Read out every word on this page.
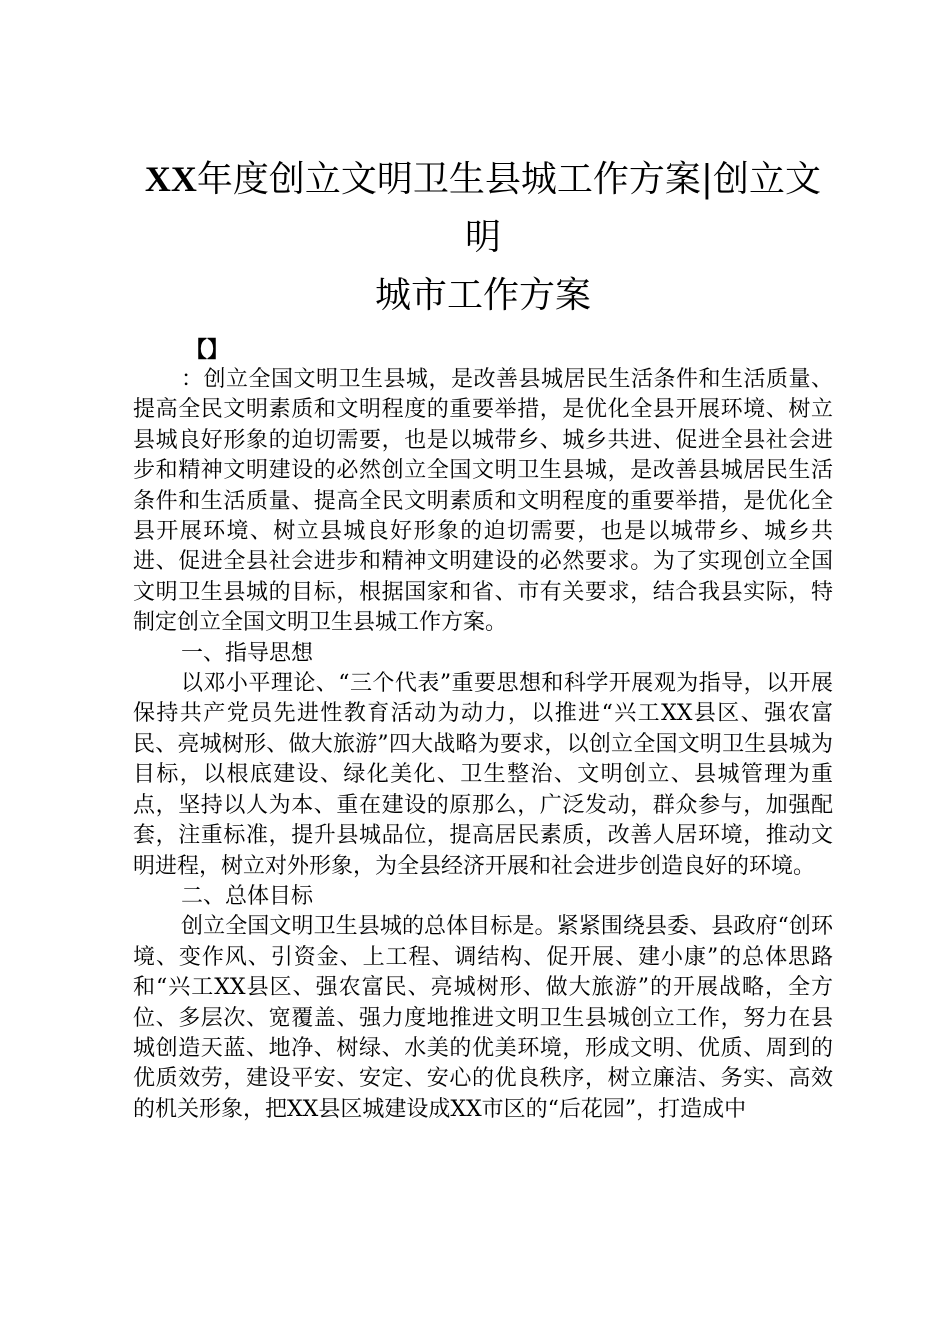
XX年度创立文明卫生县城工作方案|创立文明
城市工作方案

【】

：创立全国文明卫生县城，是改善县城居民生活条件和生活质量、提高全民文明素质和文明程度的重要举措，是优化全县开展环境、树立县城良好形象的迫切需要，也是以城带乡、城乡共进、促进全县社会进步和精神文明建设的必然创立全国文明卫生县城，是改善县城居民生活条件和生活质量、提高全民文明素质和文明程度的重要举措，是优化全县开展环境、树立县城良好形象的迫切需要，也是以城带乡、城乡共进、促进全县社会进步和精神文明建设的必然要求。为了实现创立全国文明卫生县城的目标，根据国家和省、市有关要求，结合我县实际，特制定创立全国文明卫生县城工作方案。

一、指导思想

以邓小平理论、“三个代表”重要思想和科学开展观为指导，以开展保持共产党员先进性教育活动为动力，以推进“兴工XX县区、强农富民、亮城树形、做大旅游”四大战略为要求，以创立全国文明卫生县城为目标，以根底建设、绿化美化、卫生整治、文明创立、县城管理为重点，坚持以人为本、重在建设的原那么，广泛发动，群众参与，加强配套，注重标准，提升县城品位，提高居民素质，改善人居环境，推动文明进程，树立对外形象，为全县经济开展和社会进步创造良好的环境。

二、总体目标

创立全国文明卫生县城的总体目标是。紧紧围绕县委、县政府“创环境、变作风、引资金、上工程、调结构、促开展、建小康”的总体思路和“兴工XX县区、强农富民、亮城树形、做大旅游”的开展战略，全方位、多层次、宽覆盖、强力度地推进文明卫生县城创立工作，努力在县城创造天蓝、地净、树绿、水美的优美环境，形成文明、优质、周到的优质效劳，建设平安、安定、安心的优良秩序，树立廉洁、务实、高效的机关形象，把XX县区城建设成XX市区的“后花园”，打造成中
